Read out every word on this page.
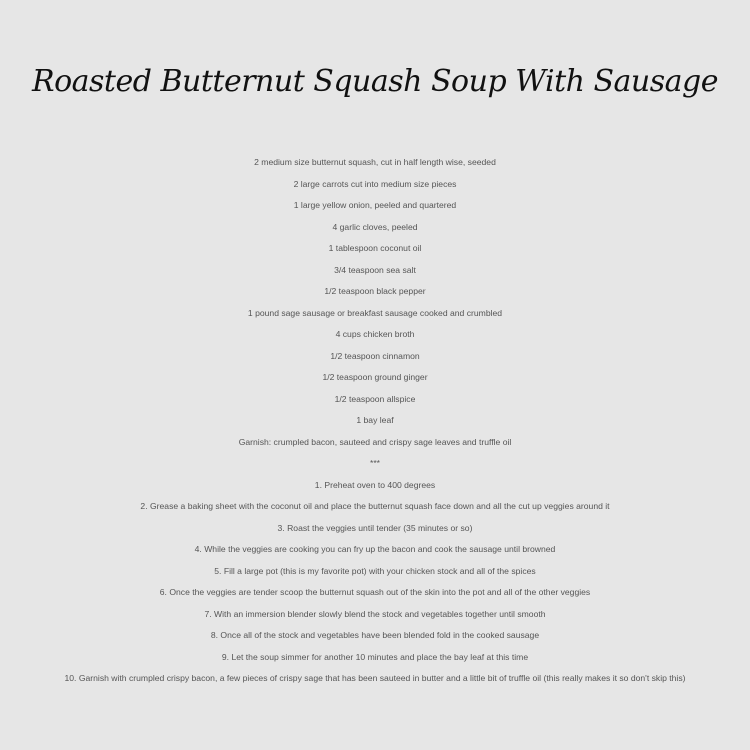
Roasted Butternut Squash Soup With Sausage
2 medium size butternut squash, cut in half length wise, seeded
2 large carrots cut into medium size pieces
1 large yellow onion, peeled and quartered
4 garlic cloves, peeled
1 tablespoon coconut oil
3/4 teaspoon sea salt
1/2 teaspoon black pepper
1 pound sage sausage or breakfast sausage cooked and crumbled
4 cups chicken broth
1/2 teaspoon cinnamon
1/2 teaspoon ground ginger
1/2 teaspoon allspice
1 bay leaf
Garnish: crumpled bacon, sauteed and crispy sage leaves and truffle oil
***
1. Preheat oven to 400 degrees
2. Grease a baking sheet with the coconut oil and place the butternut squash face down and all the cut up veggies around it
3. Roast the veggies until tender (35 minutes or so)
4. While the veggies are cooking you can fry up the bacon and cook the sausage until browned
5. Fill a large pot (this is my favorite pot) with your chicken stock and all of the spices
6. Once the veggies are tender scoop the butternut squash out of the skin into the pot and all of the other veggies
7. With an immersion blender slowly blend the stock and vegetables together until smooth
8. Once all of the stock and vegetables have been blended fold in the cooked sausage
9. Let the soup simmer for another 10 minutes and place the bay leaf at this time
10. Garnish with crumpled crispy bacon, a few pieces of crispy sage that has been sauteed in butter and a little bit of truffle oil (this really makes it so don't skip this)
